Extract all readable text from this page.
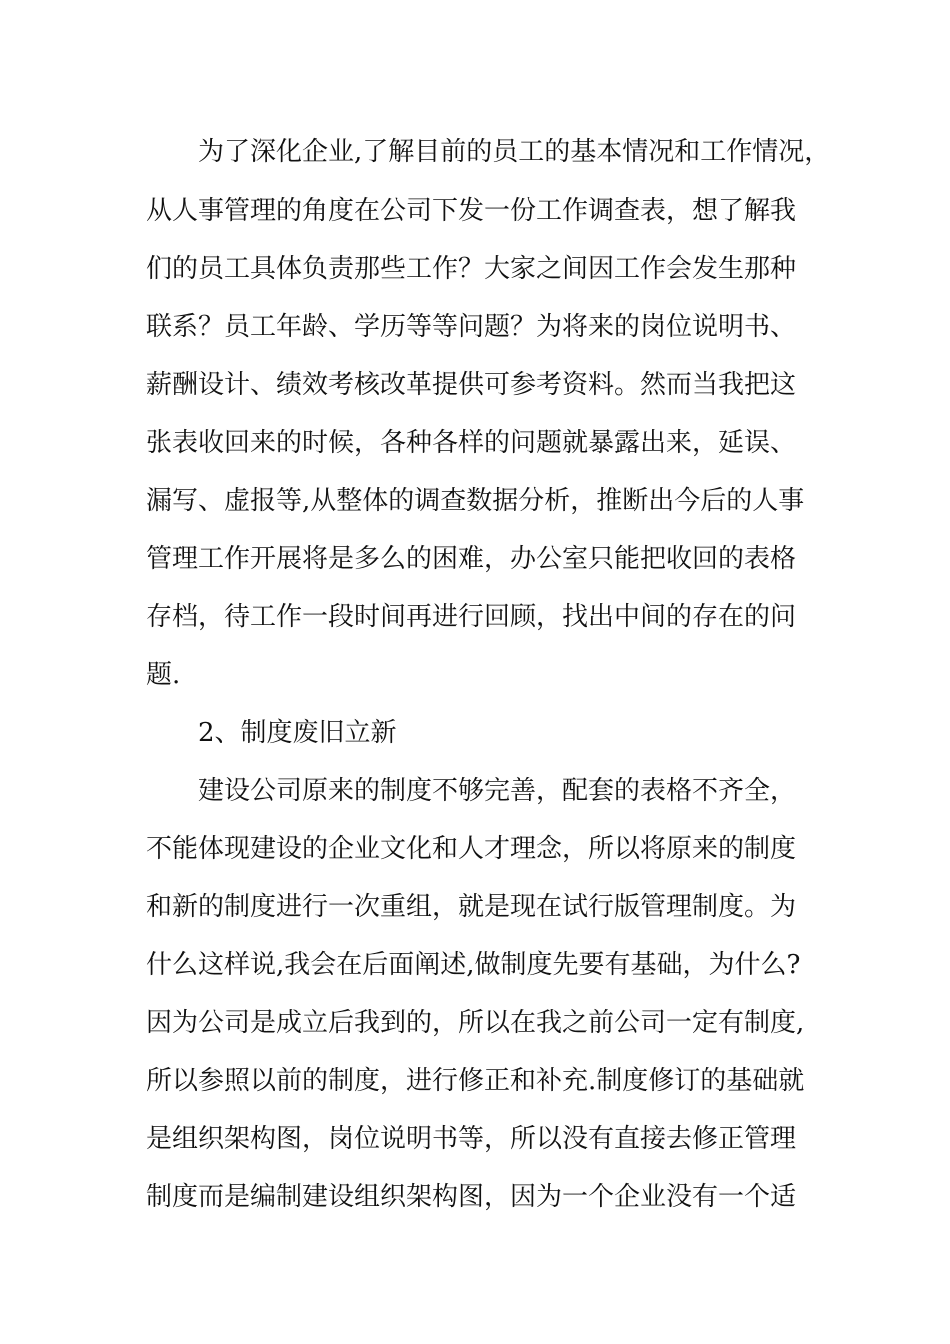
为了深化企业,了解目前的员工的基本情况和工作情况，
从人事管理的角度在公司下发一份工作调查表，想了解我
们的员工具体负责那些工作？大家之间因工作会发生那种
联系？员工年龄、学历等等问题？为将来的岗位说明书、
薪酬设计、绩效考核改革提供可参考资料。然而当我把这
张表收回来的时候，各种各样的问题就暴露出来，延误、
漏写、虚报等,从整体的调查数据分析，推断出今后的人事
管理工作开展将是多么的困难，办公室只能把收回的表格
存档，待工作一段时间再进行回顾，找出中间的存在的问
题.
2、制度废旧立新
建设公司原来的制度不够完善，配套的表格不齐全，
不能体现建设的企业文化和人才理念，所以将原来的制度
和新的制度进行一次重组，就是现在试行版管理制度。为
什么这样说,我会在后面阐述,做制度先要有基础，为什么?
因为公司是成立后我到的，所以在我之前公司一定有制度,
所以参照以前的制度，进行修正和补充.制度修订的基础就
是组织架构图，岗位说明书等，所以没有直接去修正管理
制度而是编制建设组织架构图，因为一个企业没有一个适
